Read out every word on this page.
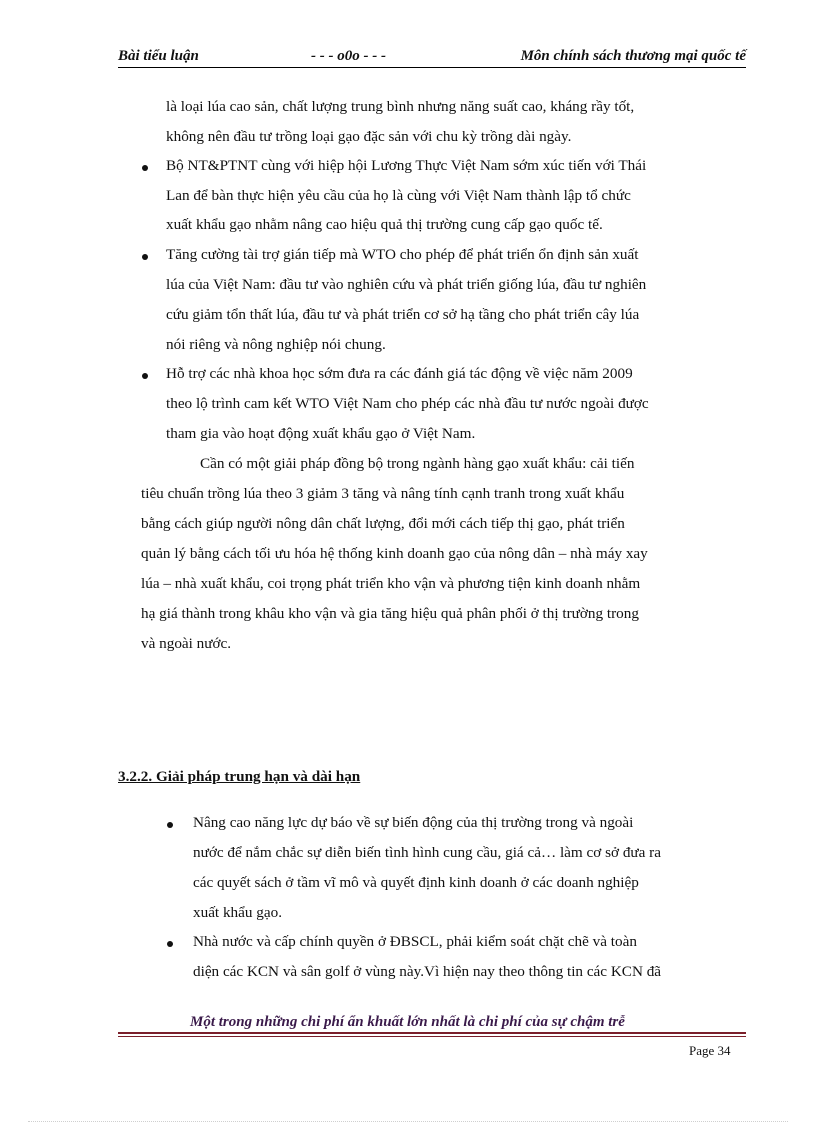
Bài tiểu luận	- - - o0o - - -	Môn chính sách thương mại quốc tế
là loại lúa cao sản, chất lượng trung bình nhưng năng suất cao, kháng rầy tốt,
không nên đầu tư trồng loại gạo đặc sản với chu kỳ trồng dài ngày.
Bộ NT&PTNT cùng với hiệp hội Lương Thực Việt Nam sớm xúc tiến với Thái
Lan để bàn thực hiện yêu cầu của họ là cùng với Việt Nam thành lập tổ chức
xuất khẩu gạo nhằm nâng cao hiệu quả thị trường cung cấp gạo quốc tế.
Tăng cường tài trợ gián tiếp mà WTO cho phép để phát triển ổn định sản xuất
lúa của Việt Nam: đầu tư vào nghiên cứu và phát triển giống lúa, đầu tư nghiên
cứu giảm tổn thất lúa, đầu tư và phát triển cơ sở hạ tầng cho phát triển cây lúa
nói riêng và nông nghiệp nói chung.
Hỗ trợ các nhà khoa học sớm đưa ra các đánh giá tác động về việc năm 2009
theo lộ trình cam kết WTO Việt Nam cho phép các nhà đầu tư nước ngoài được
tham gia vào hoạt động xuất khẩu gạo ở Việt Nam.
Cần có một giải pháp đồng bộ trong ngành hàng gạo xuất khẩu: cải tiến
tiêu chuẩn trồng lúa theo 3 giảm 3 tăng và nâng tính cạnh tranh trong xuất khẩu
bằng cách giúp người nông dân chất lượng, đổi mới cách tiếp thị gạo, phát triển
quản lý bằng cách tối ưu hóa hệ thống kinh doanh gạo của nông dân – nhà máy xay
lúa – nhà xuất khẩu, coi trọng phát triển kho vận và phương tiện kinh doanh nhằm
hạ giá thành trong khâu kho vận và gia tăng hiệu quả phân phối ở thị trường trong
và ngoài nước.
3.2.2. Giải pháp trung hạn và dài hạn
Nâng cao năng lực dự báo về sự biến động của thị trường trong và ngoài
nước để nắm chắc sự diễn biến tình hình cung cầu, giá cả… làm cơ sở đưa ra
các quyết sách ở tầm vĩ mô và quyết định kinh doanh ở các doanh nghiệp
xuất khẩu gạo.
Nhà nước và cấp chính quyền ở ĐBSCL, phải kiểm soát chặt chẽ và toàn
diện các KCN và sân golf ở vùng này.Vì hiện nay theo thông tin các KCN đã
Một trong những chi phí ẩn khuất lớn nhất là chi phí của sự chậm trễ
Page 34
